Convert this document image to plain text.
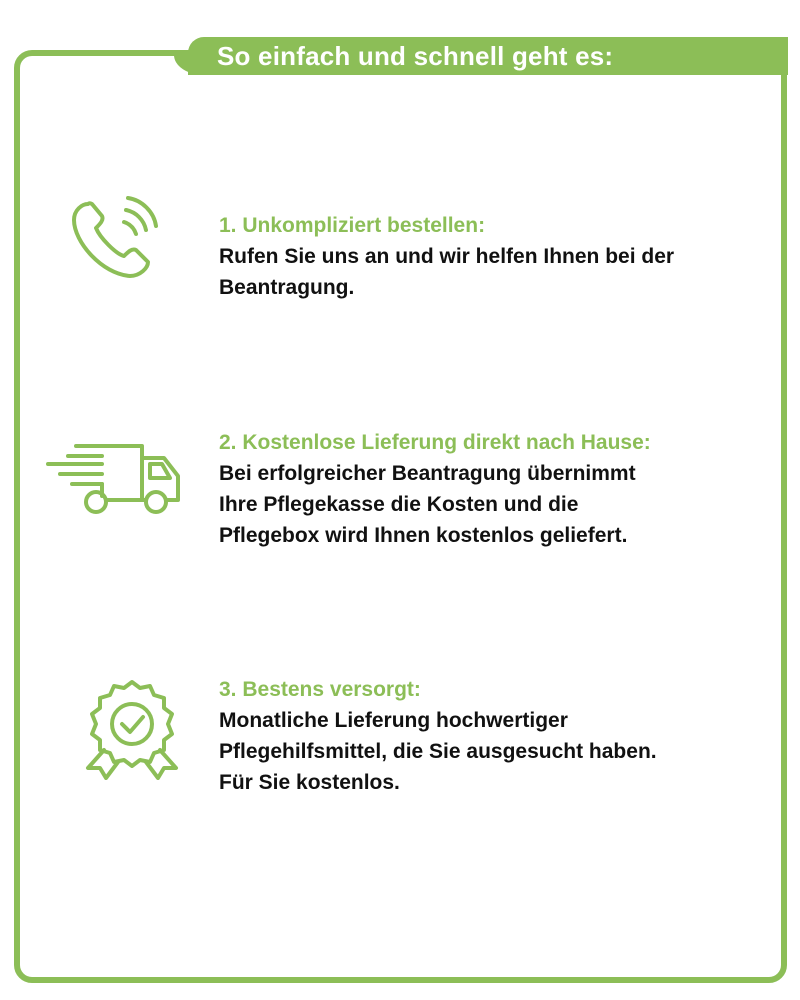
So einfach und schnell geht es:
1. Unkompliziert bestellen:
Rufen Sie uns an und wir helfen Ihnen bei der
Beantragung.
2. Kostenlose Lieferung direkt nach Hause:
Bei erfolgreicher Beantragung übernimmt
Ihre Pflegekasse die Kosten und die
Pflegebox wird Ihnen kostenlos geliefert.
3. Bestens versorgt:
Monatliche Lieferung hochwertiger
Pflegehilfsmittel, die Sie ausgesucht haben.
Für Sie kostenlos.
